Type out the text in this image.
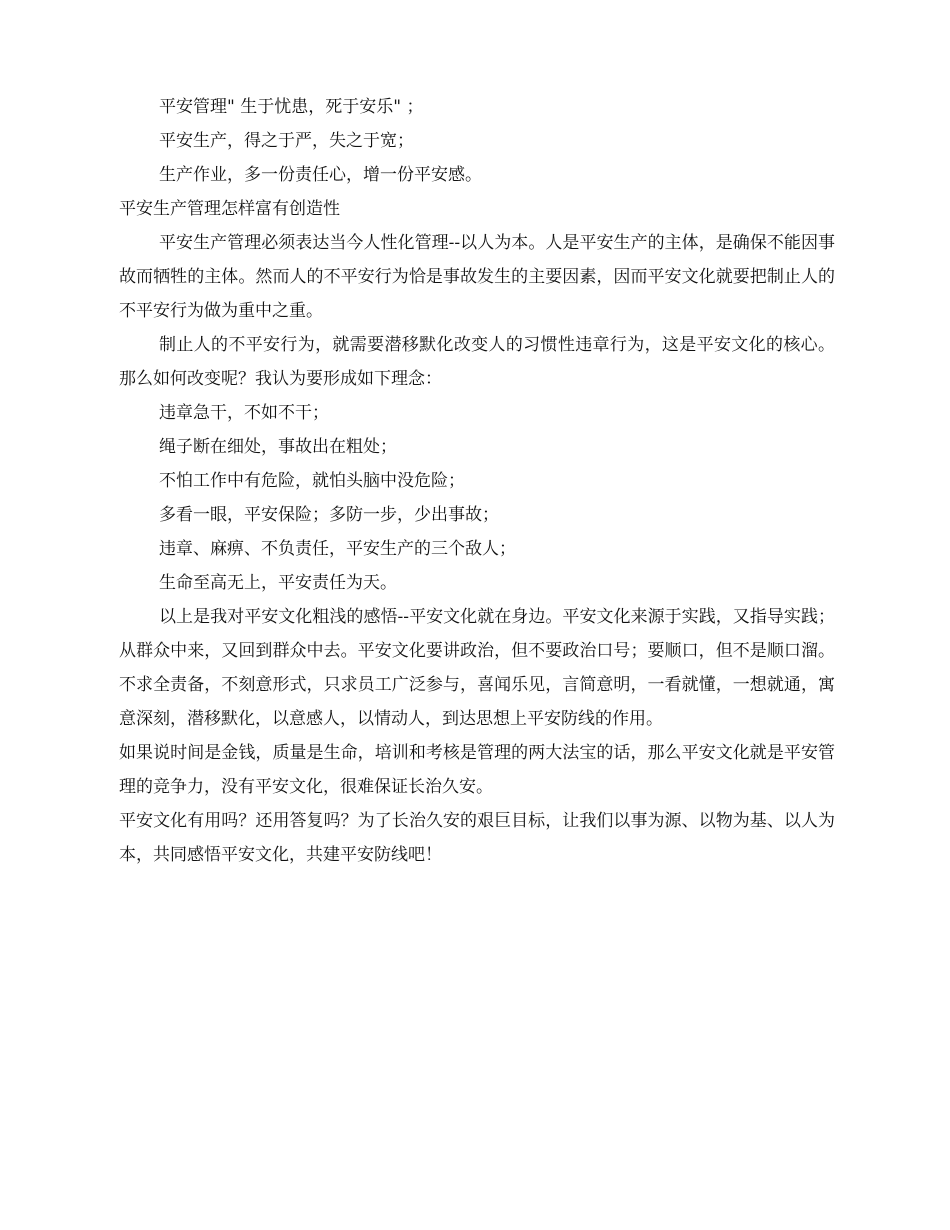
平安管理" 生于忧患，死于安乐" ；

平安生产，得之于严，失之于宽；

生产作业，多一份责任心，增一份平安感。

平安生产管理怎样富有创造性

平安生产管理必须表达当今人性化管理--以人为本。人是平安生产的主体，是确保不能因事故而牺牲的主体。然而人的不平安行为恰是事故发生的主要因素，因而平安文化就要把制止人的不平安行为做为重中之重。

制止人的不平安行为，就需要潜移默化改变人的习惯性违章行为，这是平安文化的核心。那么如何改变呢？我认为要形成如下理念：

违章急干，不如不干；

绳子断在细处，事故出在粗处；

不怕工作中有危险，就怕头脑中没危险；

多看一眼，平安保险；多防一步，少出事故；

违章、麻痹、不负责任，平安生产的三个敌人；

生命至高无上，平安责任为天。

以上是我对平安文化粗浅的感悟--平安文化就在身边。平安文化来源于实践，又指导实践；从群众中来，又回到群众中去。平安文化要讲政治，但不要政治口号；要顺口，但不是顺口溜。不求全责备，不刻意形式，只求员工广泛参与，喜闻乐见，言简意明，一看就懂，一想就通，寓意深刻，潜移默化，以意感人，以情动人，到达思想上平安防线的作用。

如果说时间是金钱，质量是生命，培训和考核是管理的两大法宝的话，那么平安文化就是平安管理的竞争力，没有平安文化，很难保证长治久安。

平安文化有用吗？还用答复吗？为了长治久安的艰巨目标，让我们以事为源、以物为基、以人为本，共同感悟平安文化，共建平安防线吧！
